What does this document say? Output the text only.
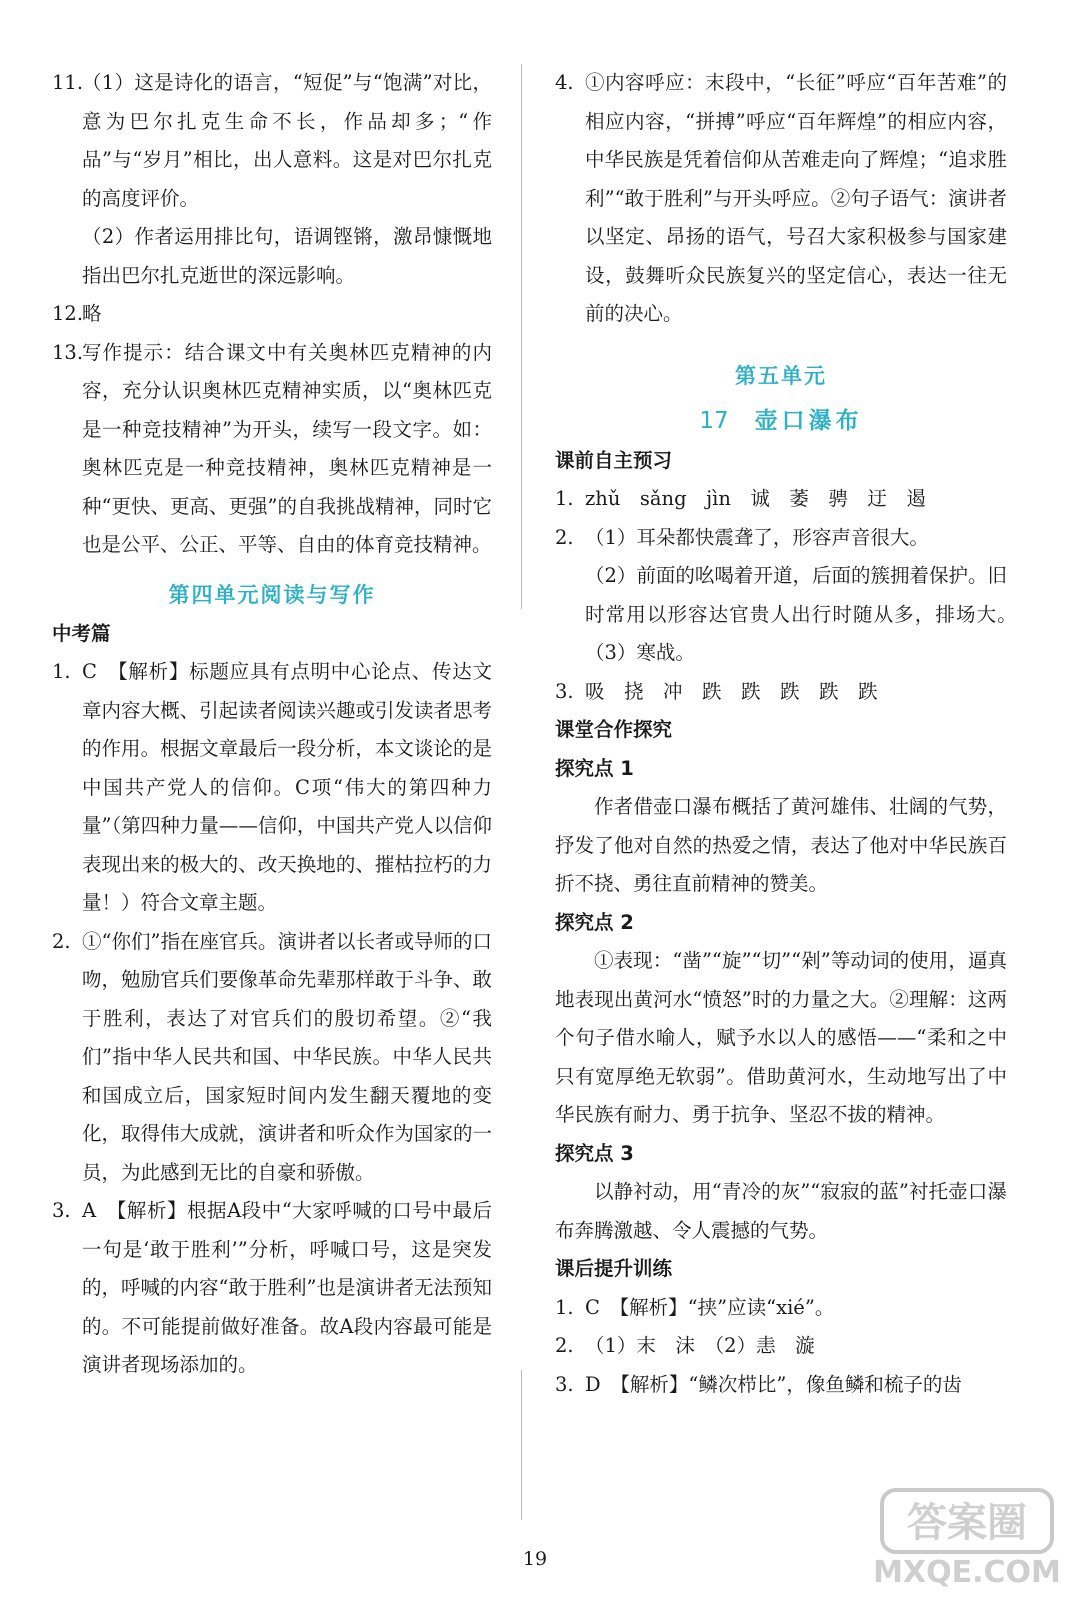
11.
（1）这是诗化的语言，“短促”与“饱满”对比，意为巴尔扎克生命不长，作品却多；“作品”与“岁月”相比，出人意料。这是对巴尔扎克的高度评价。
（2）作者运用排比句，语调铿锵，激昂慷慨地指出巴尔扎克逝世的深远影响。
12.
略
13.
写作提示：结合课文中有关奥林匹克精神的内容，充分认识奥林匹克精神实质，以“奥林匹克是一种竞技精神”为开头，续写一段文字。如：奥林匹克是一种竞技精神，奥林匹克精神是一种“更快、更高、更强”的自我挑战精神，同时它也是公平、公正、平等、自由的体育竞技精神。
第四单元阅读与写作
中考篇
1. C　【解析】标题应具有点明中心论点、传达文章内容大概、引起读者阅读兴趣或引发读者思考的作用。根据文章最后一段分析，本文谈论的是中国共产党人的信仰。C项“伟大的第四种力量”（第四种力量——信仰，中国共产党人以信仰表现出来的极大的、改天换地的、摧枯拉朽的力量！）符合文章主题。
2. ①“你们”指在座官兵。演讲者以长者或导师的口吻，勉励官兵们要像革命先辈那样敢于斗争、敢于胜利，表达了对官兵们的殷切希望。②“我们”指中华人民共和国、中华民族。中华人民共和国成立后，国家短时间内发生翻天覆地的变化，取得伟大成就，演讲者和听众作为国家的一员，为此感到无比的自豪和骄傲。
3. A　【解析】根据A段中“大家呼喊的口号中最后一句是‘敢于胜利’”分析，呼喊口号，这是突发的，呼喊的内容“敢于胜利”也是演讲者无法预知的。不可能提前做好准备。故A段内容最可能是演讲者现场添加的。
4. ①内容呼应：末段中，“长征”呼应“百年苦难”的相应内容，“拼搏”呼应“百年辉煌”的相应内容，中华民族是凭着信仰从苦难走向了辉煌；“追求胜利”“敢于胜利”与开头呼应。②句子语气：演讲者以坚定、昂扬的语气，号召大家积极参与国家建设，鼓舞听众民族复兴的坚定信心，表达一往无前的决心。
第五单元
17 壶口瀑布
课前自主预习
1. zhǔ　sǎng　jìn　诚　萎　骋　迂　遏
2. （1）耳朵都快震聋了，形容声音很大。
（2）前面的吆喝着开道，后面的簇拥着保护。旧时常用以形容达官贵人出行时随从多，排场大。　（3）寒战。
3. 吸　挠　冲　跌　跌　跌　跌　跌
课堂合作探究
探究点 1
作者借壶口瀑布概括了黄河雄伟、壮阔的气势，抒发了他对自然的热爱之情，表达了他对中华民族百折不挠、勇往直前精神的赞美。
探究点 2
①表现：“凿”“旋”“切”“剁”等动词的使用，逼真地表现出黄河水“愤怒”时的力量之大。②理解：这两个句子借水喻人，赋予水以人的感悟——“柔和之中只有宽厚绝无软弱”。借助黄河水，生动地写出了中华民族有耐力、勇于抗争、坚忍不拔的精神。
探究点 3
以静衬动，用“青冷的灰”“寂寂的蓝”衬托壶口瀑布奔腾激越、令人震撼的气势。
课后提升训练
1. C　【解析】“挟”应读“xié”。
2. （1）末　沫　（2）恚　漩
3. D　【解析】“鳞次栉比”，像鱼鳞和梳子的齿
19
答案圈
MXQE.COM
